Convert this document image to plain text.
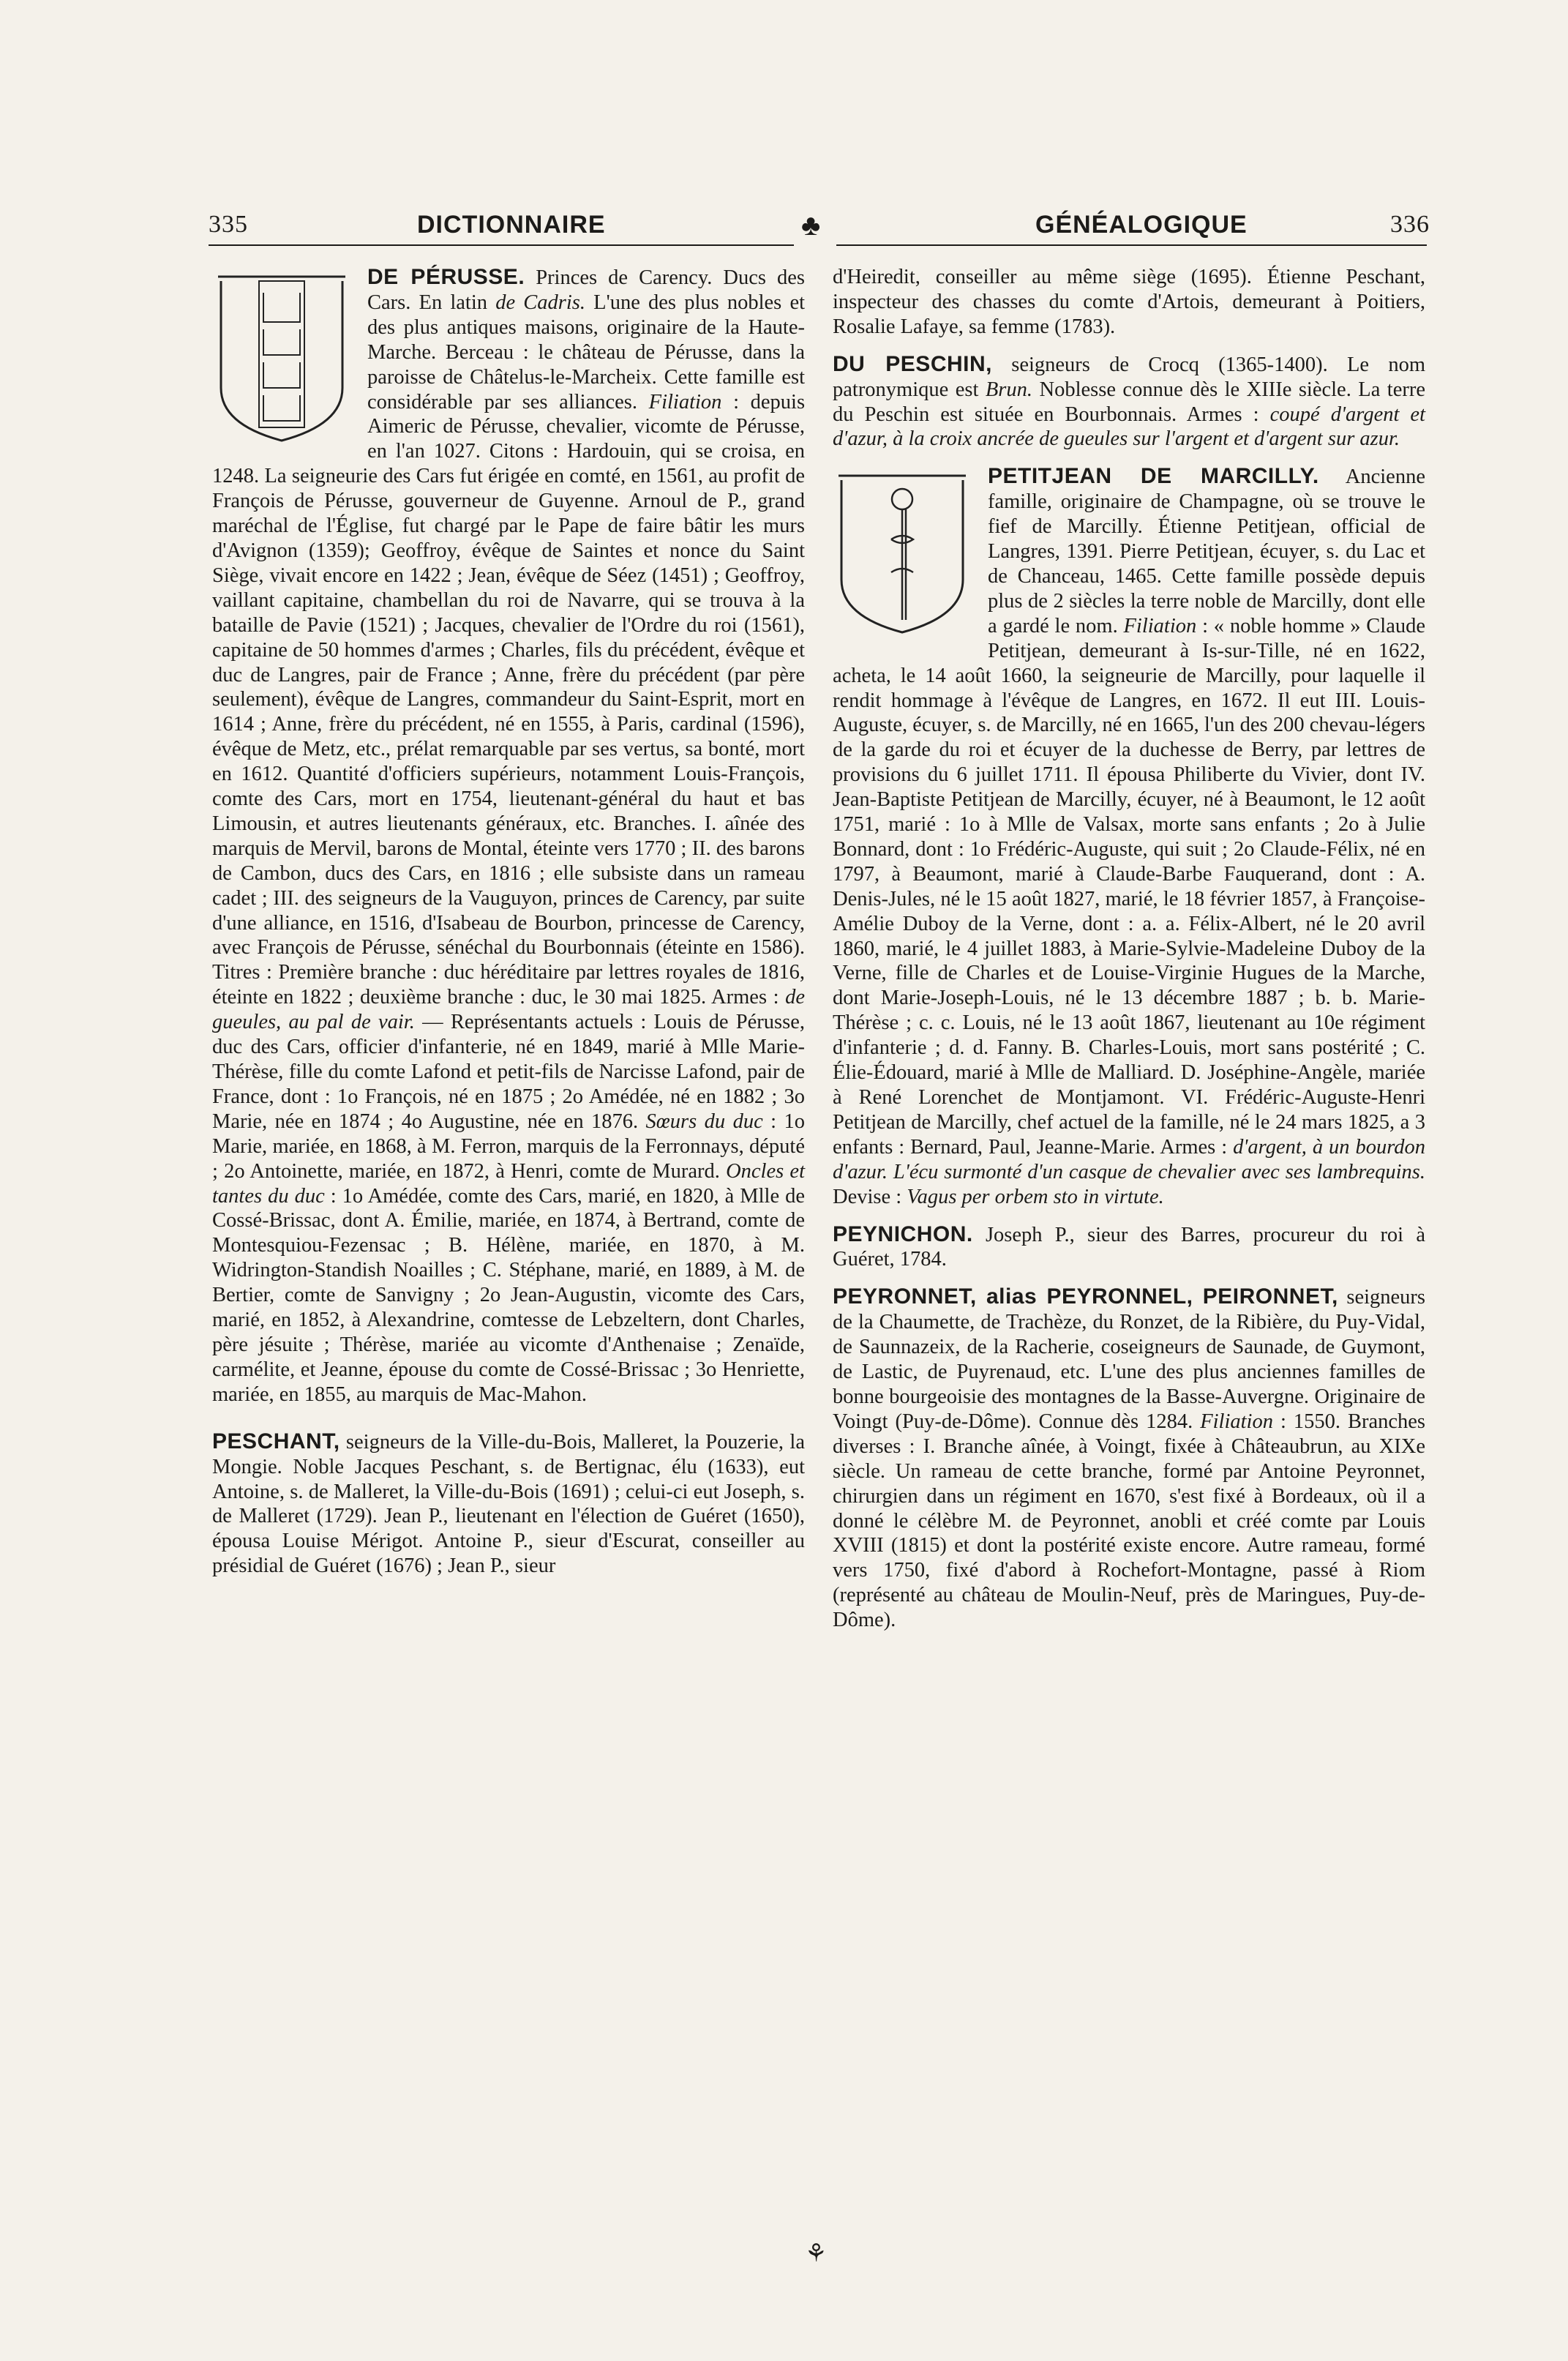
335	DICTIONNAIRE	♣	GÉNÉALOGIQUE	336

DE PÉRUSSE. Princes de Carency. Ducs des Cars. En latin de Cadris. L'une des plus nobles et des plus antiques maisons, originaire de la Haute-Marche. Berceau : le château de Pérusse, dans la paroisse de Châtelus-le-Marcheix. Cette famille est considérable par ses alliances. Filiation : depuis Aimeric de Pérusse, chevalier, vicomte de Pérusse, en l'an 1027. Citons : Hardouin, qui se croisa, en 1248. La seigneurie des Cars fut érigée en comté, en 1561, au profit de François de Pérusse, gouverneur de Guyenne. Arnoul de P., grand maréchal de l'Église, fut chargé par le Pape de faire bâtir les murs d'Avignon (1359); Geoffroy, évêque de Saintes et nonce du Saint Siège, vivait encore en 1422 ; Jean, évêque de Séez (1451) ; Geoffroy, vaillant capitaine, chambellan du roi de Navarre, qui se trouva à la bataille de Pavie (1521) ; Jacques, chevalier de l'Ordre du roi (1561), capitaine de 50 hommes d'armes ; Charles, fils du précédent, évêque et duc de Langres, pair de France ; Anne, frère du précédent (par père seulement), évêque de Langres, commandeur du Saint-Esprit, mort en 1614 ; Anne, frère du précédent, né en 1555, à Paris, cardinal (1596), évêque de Metz, etc., prélat remarquable par ses vertus, sa bonté, mort en 1612. Quantité d'officiers supérieurs, notamment Louis-François, comte des Cars, mort en 1754, lieutenant-général du haut et bas Limousin, et autres lieutenants généraux, etc. Branches. I. aînée des marquis de Mervil, barons de Montal, éteinte vers 1770 ; II. des barons de Cambon, ducs des Cars, en 1816 ; elle subsiste dans un rameau cadet ; III. des seigneurs de la Vauguyon, princes de Carency, par suite d'une alliance, en 1516, d'Isabeau de Bourbon, princesse de Carency, avec François de Pérusse, sénéchal du Bourbonnais (éteinte en 1586). Titres : Première branche : duc héréditaire par lettres royales de 1816, éteinte en 1822 ; deuxième branche : duc, le 30 mai 1825. Armes : de gueules, au pal de vair. — Représentants actuels : Louis de Pérusse, duc des Cars, officier d'infanterie, né en 1849, marié à Mlle Marie-Thérèse, fille du comte Lafond et petit-fils de Narcisse Lafond, pair de France, dont : 1o François, né en 1875 ; 2o Amédée, né en 1882 ; 3o Marie, née en 1874 ; 4o Augustine, née en 1876. Sœurs du duc : 1o Marie, mariée, en 1868, à M. Ferron, marquis de la Ferronnays, député ; 2o Antoinette, mariée, en 1872, à Henri, comte de Murard. Oncles et tantes du duc : 1o Amédée, comte des Cars, marié, en 1820, à Mlle de Cossé-Brissac, dont A. Émilie, mariée, en 1874, à Bertrand, comte de Montesquiou-Fezensac ; B. Hélène, mariée, en 1870, à M. Widrington-Standish Noailles ; C. Stéphane, marié, en 1889, à M. de Bertier, comte de Sanvigny ; 2o Jean-Augustin, vicomte des Cars, marié, en 1852, à Alexandrine, comtesse de Lebzeltern, dont Charles, père jésuite ; Thérèse, mariée au vicomte d'Anthenaise ; Zenaïde, carmélite, et Jeanne, épouse du comte de Cossé-Brissac ; 3o Henriette, mariée, en 1855, au marquis de Mac-Mahon.

PESCHANT, seigneurs de la Ville-du-Bois, Malleret, la Pouzerie, la Mongie. Noble Jacques Peschant, s. de Bertignac, élu (1633), eut Antoine, s. de Malleret, la Ville-du-Bois (1691) ; celui-ci eut Joseph, s. de Malleret (1729). Jean P., lieutenant en l'élection de Guéret (1650), épousa Louise Mérigot. Antoine P., sieur d'Escurat, conseiller au présidial de Guéret (1676) ; Jean P., sieur

⚘

d'Heiredit, conseiller au même siège (1695). Étienne Peschant, inspecteur des chasses du comte d'Artois, demeurant à Poitiers, Rosalie Lafaye, sa femme (1783).

DU PESCHIN, seigneurs de Crocq (1365-1400). Le nom patronymique est Brun. Noblesse connue dès le XIIIe siècle. La terre du Peschin est située en Bourbonnais. Armes : coupé d'argent et d'azur, à la croix ancrée de gueules sur l'argent et d'argent sur azur.

PETITJEAN DE MARCILLY. Ancienne famille, originaire de Champagne, où se trouve le fief de Marcilly. Étienne Petitjean, official de Langres, 1391. Pierre Petitjean, écuyer, s. du Lac et de Chanceau, 1465. Cette famille possède depuis plus de 2 siècles la terre noble de Marcilly, dont elle a gardé le nom. Filiation : « noble homme » Claude Petitjean, demeurant à Is-sur-Tille, né en 1622, acheta, le 14 août 1660, la seigneurie de Marcilly, pour laquelle il rendit hommage à l'évêque de Langres, en 1672. Il eut III. Louis-Auguste, écuyer, s. de Marcilly, né en 1665, l'un des 200 chevau-légers de la garde du roi et écuyer de la duchesse de Berry, par lettres de provisions du 6 juillet 1711. Il épousa Philiberte du Vivier, dont IV. Jean-Baptiste Petitjean de Marcilly, écuyer, né à Beaumont, le 12 août 1751, marié : 1o à Mlle de Valsax, morte sans enfants ; 2o à Julie Bonnard, dont : 1o Frédéric-Auguste, qui suit ; 2o Claude-Félix, né en 1797, à Beaumont, marié à Claude-Barbe Fauquerand, dont : A. Denis-Jules, né le 15 août 1827, marié, le 18 février 1857, à Françoise-Amélie Duboy de la Verne, dont : a. a. Félix-Albert, né le 20 avril 1860, marié, le 4 juillet 1883, à Marie-Sylvie-Madeleine Duboy de la Verne, fille de Charles et de Louise-Virginie Hugues de la Marche, dont Marie-Joseph-Louis, né le 13 décembre 1887 ; b. b. Marie-Thérèse ; c. c. Louis, né le 13 août 1867, lieutenant au 10e régiment d'infanterie ; d. d. Fanny. B. Charles-Louis, mort sans postérité ; C. Élie-Édouard, marié à Mlle de Malliard. D. Joséphine-Angèle, mariée à René Lorenchet de Montjamont. VI. Frédéric-Auguste-Henri Petitjean de Marcilly, chef actuel de la famille, né le 24 mars 1825, a 3 enfants : Bernard, Paul, Jeanne-Marie. Armes : d'argent, à un bourdon d'azur. L'écu surmonté d'un casque de chevalier avec ses lambrequins. Devise : Vagus per orbem sto in virtute.

PEYNICHON. Joseph P., sieur des Barres, procureur du roi à Guéret, 1784.

PEYRONNET, alias PEYRONNEL, PEIRONNET, seigneurs de la Chaumette, de Trachèze, du Ronzet, de la Ribière, du Puy-Vidal, de Saunnazeix, de la Racherie, coseigneurs de Saunade, de Guymont, de Lastic, de Puyrenaud, etc. L'une des plus anciennes familles de bonne bourgeoisie des montagnes de la Basse-Auvergne. Originaire de Voingt (Puy-de-Dôme). Connue dès 1284. Filiation : 1550. Branches diverses : I. Branche aînée, à Voingt, fixée à Châteaubrun, au XIXe siècle. Un rameau de cette branche, formé par Antoine Peyronnet, chirurgien dans un régiment en 1670, s'est fixé à Bordeaux, où il a donné le célèbre M. de Peyronnet, anobli et créé comte par Louis XVIII (1815) et dont la postérité existe encore. Autre rameau, formé vers 1750, fixé d'abord à Rochefort-Montagne, passé à Riom (représenté au château de Moulin-Neuf, près de Maringues, Puy-de-Dôme).
